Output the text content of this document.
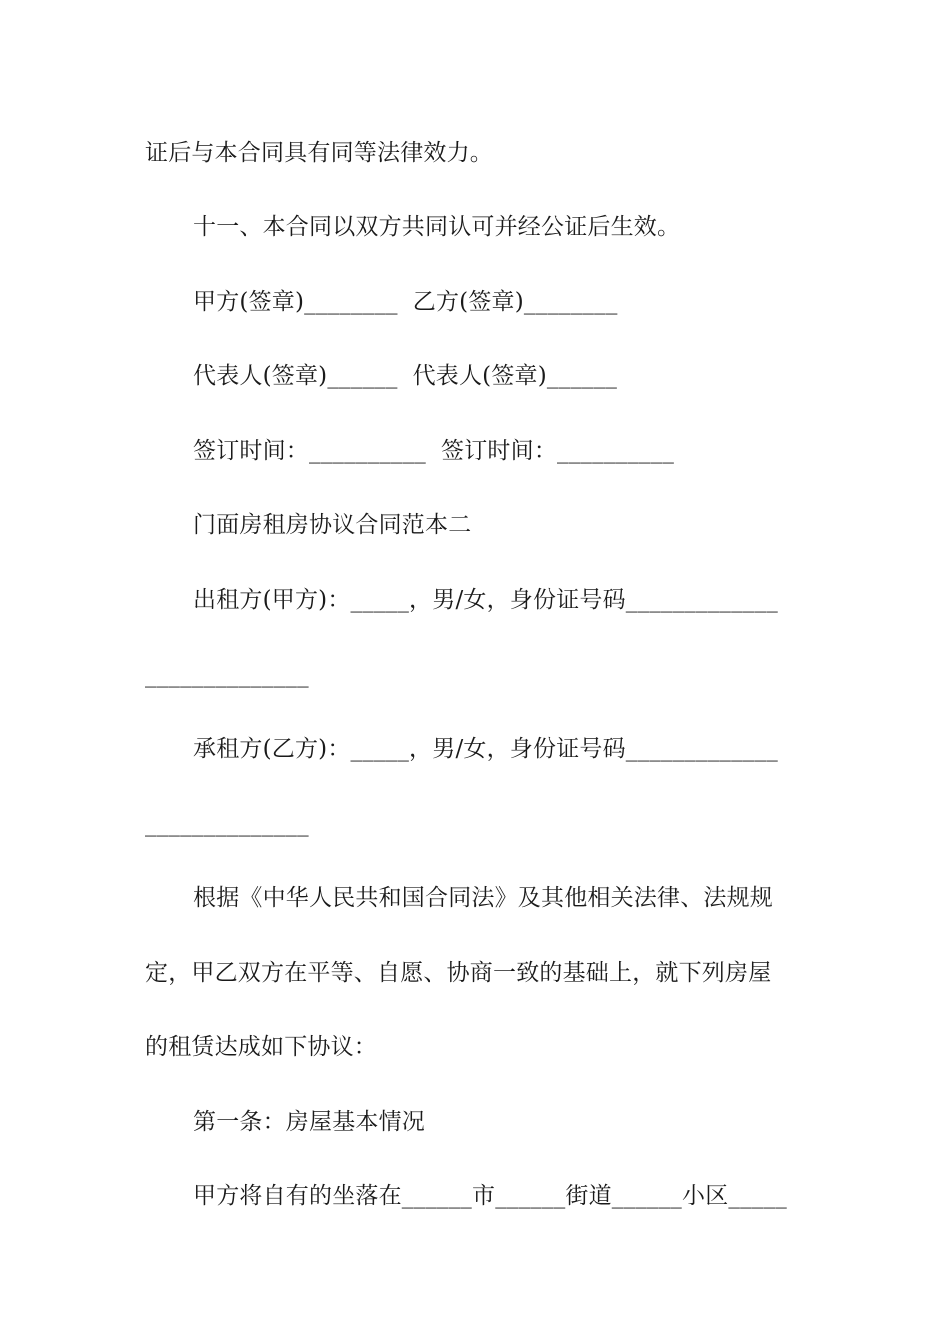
证后与本合同具有同等法律效力。
十一、本合同以双方共同认可并经公证后生效。
甲方(签章)________  乙方(签章)________
代表人(签章)______  代表人(签章)______
签订时间：__________  签订时间：__________
门面房租房协议合同范本二
出租方(甲方)：_____，男/女，身份证号码_____________
______________
承租方(乙方)：_____，男/女，身份证号码_____________
______________
根据《中华人民共和国合同法》及其他相关法律、法规规
定，甲乙双方在平等、自愿、协商一致的基础上，就下列房屋
的租赁达成如下协议：
第一条：房屋基本情况
甲方将自有的坐落在______市______街道______小区_____
